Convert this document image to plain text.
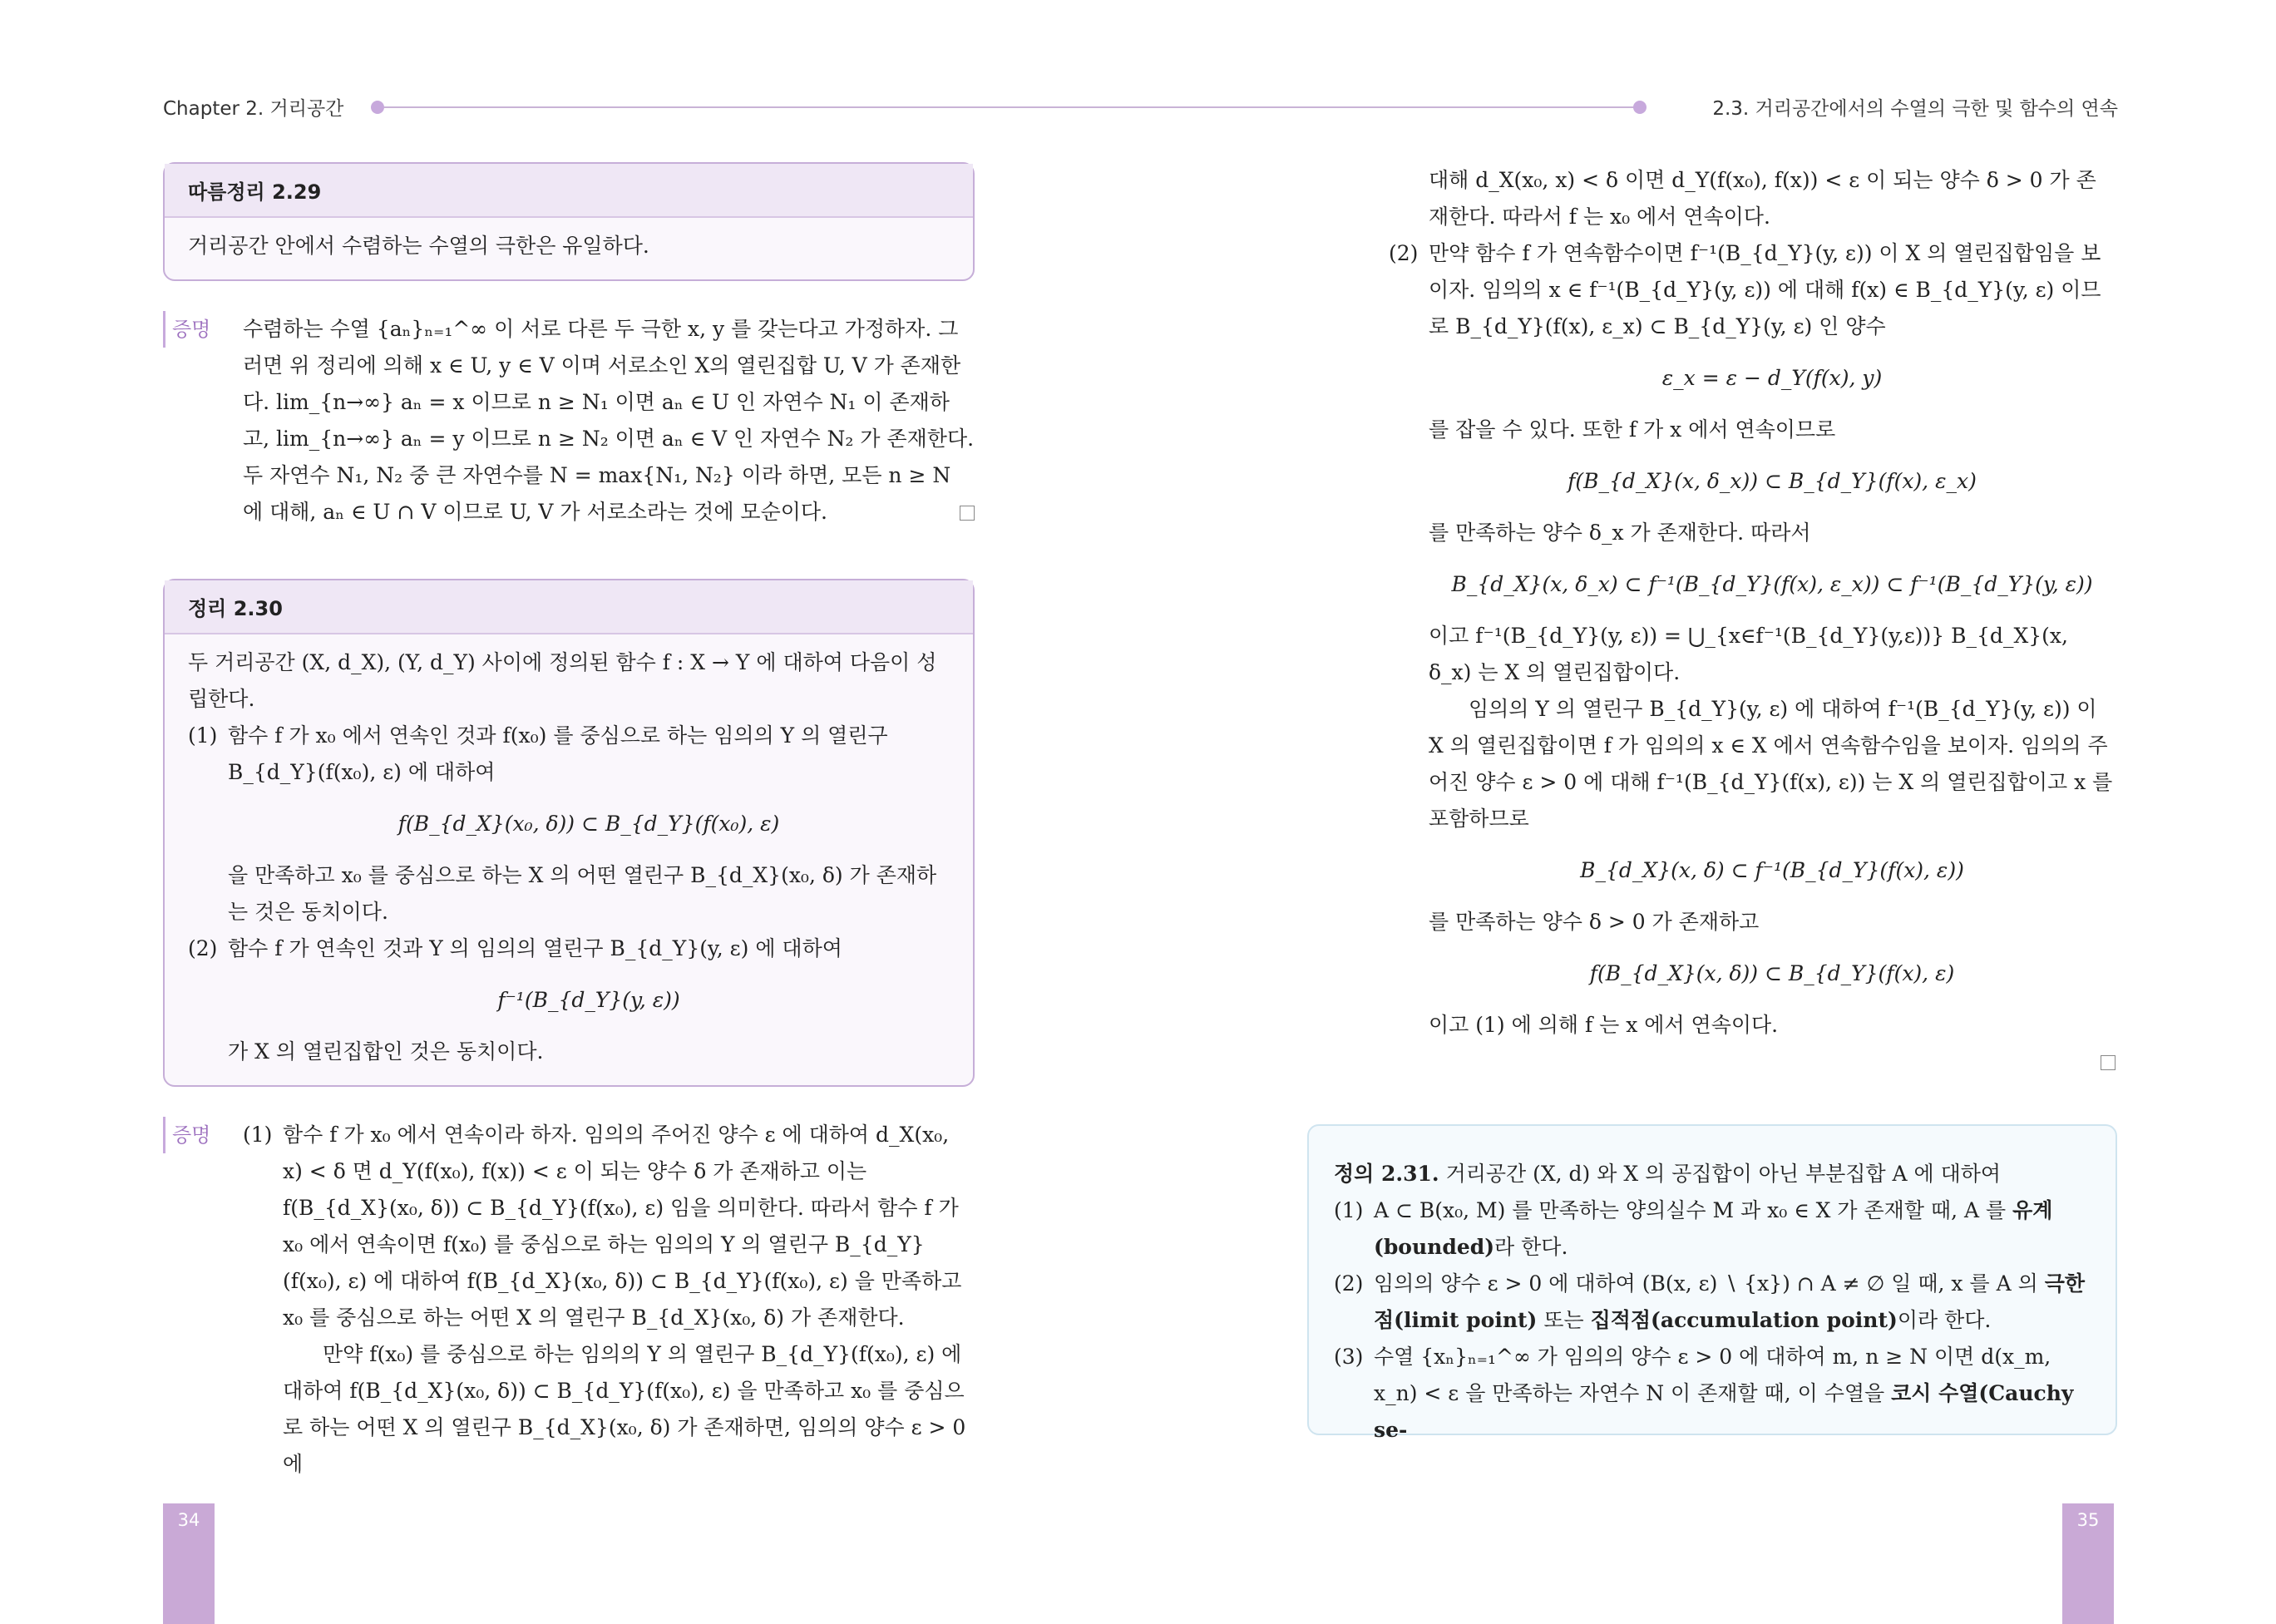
Chapter 2. 거리공간	2.3. 거리공간에서의 수열의 극한 및 함수의 연속
따름정리 2.29
거리공간 안에서 수렴하는 수열의 극한은 유일하다.
증명 수렴하는 수열 {aₙ}ₙ₌₁^∞ 이 서로 다른 두 극한 x, y 를 갖는다고 가정하자. 그러면 위 정리에 의해 x ∈ U, y ∈ V 이며 서로소인 X의 열린집합 U, V 가 존재한다. lim_{n→∞} aₙ = x 이므로 n ≥ N₁ 이면 aₙ ∈ U 인 자연수 N₁ 이 존재하고, lim_{n→∞} aₙ = y 이므로 n ≥ N₂ 이면 aₙ ∈ V 인 자연수 N₂ 가 존재한다. 두 자연수 N₁, N₂ 중 큰 자연수를 N = max{N₁, N₂} 이라 하면, 모든 n ≥ N 에 대해, aₙ ∈ U ∩ V 이므로 U, V 가 서로소라는 것에 모순이다.
정리 2.30
두 거리공간 (X, d_X), (Y, d_Y) 사이에 정의된 함수 f : X → Y 에 대하여 다음이 성립한다.
(1) 함수 f 가 x₀ 에서 연속인 것과 f(x₀) 를 중심으로 하는 임의의 Y 의 열린구 B_{d_Y}(f(x₀), ε) 에 대하여
f(B_{d_X}(x₀, δ)) ⊂ B_{d_Y}(f(x₀), ε)
을 만족하고 x₀ 를 중심으로 하는 X 의 어떤 열린구 B_{d_X}(x₀, δ) 가 존재하는 것은 동치이다.
(2) 함수 f 가 연속인 것과 Y 의 임의의 열린구 B_{d_Y}(y, ε) 에 대하여
f⁻¹(B_{d_Y}(y, ε))
가 X 의 열린집합인 것은 동치이다.
증명 (1) 함수 f 가 x₀ 에서 연속이라 하자. 임의의 주어진 양수 ε 에 대하여 d_X(x₀, x) < δ 면 d_Y(f(x₀), f(x)) < ε 이 되는 양수 δ 가 존재하고 이는 f(B_{d_X}(x₀, δ)) ⊂ B_{d_Y}(f(x₀), ε) 임을 의미한다. 따라서 함수 f 가 x₀ 에서 연속이면 f(x₀) 를 중심으로 하는 임의의 Y 의 열린구 B_{d_Y}(f(x₀), ε) 에 대하여 f(B_{d_X}(x₀, δ)) ⊂ B_{d_Y}(f(x₀), ε) 을 만족하고 x₀ 를 중심으로 하는 어떤 X 의 열린구 B_{d_X}(x₀, δ) 가 존재한다.
만약 f(x₀) 를 중심으로 하는 임의의 Y 의 열린구 B_{d_Y}(f(x₀), ε) 에 대하여 f(B_{d_X}(x₀, δ)) ⊂ B_{d_Y}(f(x₀), ε) 을 만족하고 x₀ 를 중심으로 하는 어떤 X 의 열린구 B_{d_X}(x₀, δ) 가 존재하면, 임의의 양수 ε > 0 에
대해 d_X(x₀, x) < δ 이면 d_Y(f(x₀), f(x)) < ε 이 되는 양수 δ > 0 가 존재한다. 따라서 f 는 x₀ 에서 연속이다.
(2) 만약 함수 f 가 연속함수이면 f⁻¹(B_{d_Y}(y, ε)) 이 X 의 열린집합임을 보이자. 임의의 x ∈ f⁻¹(B_{d_Y}(y, ε)) 에 대해 f(x) ∈ B_{d_Y}(y, ε) 이므로 B_{d_Y}(f(x), ε_x) ⊂ B_{d_Y}(y, ε) 인 양수
ε_x = ε − d_Y(f(x), y)
를 잡을 수 있다. 또한 f 가 x 에서 연속이므로
f(B_{d_X}(x, δ_x)) ⊂ B_{d_Y}(f(x), ε_x)
를 만족하는 양수 δ_x 가 존재한다. 따라서
B_{d_X}(x, δ_x) ⊂ f⁻¹(B_{d_Y}(f(x), ε_x)) ⊂ f⁻¹(B_{d_Y}(y, ε))
이고 f⁻¹(B_{d_Y}(y, ε)) = ⋃_{x∈f⁻¹(B_{d_Y}(y,ε))} B_{d_X}(x, δ_x) 는 X 의 열린집합이다.
임의의 Y 의 열린구 B_{d_Y}(y, ε) 에 대하여 f⁻¹(B_{d_Y}(y, ε)) 이 X 의 열린집합이면 f 가 임의의 x ∈ X 에서 연속함수임을 보이자. 임의의 주어진 양수 ε > 0 에 대해 f⁻¹(B_{d_Y}(f(x), ε)) 는 X 의 열린집합이고 x 를 포함하므로
B_{d_X}(x, δ) ⊂ f⁻¹(B_{d_Y}(f(x), ε))
를 만족하는 양수 δ > 0 가 존재하고
f(B_{d_X}(x, δ)) ⊂ B_{d_Y}(f(x), ε)
이고 (1) 에 의해 f 는 x 에서 연속이다.
정의 2.31. 거리공간 (X, d) 와 X 의 공집합이 아닌 부분집합 A 에 대하여
(1) A ⊂ B(x₀, M) 를 만족하는 양의실수 M 과 x₀ ∈ X 가 존재할 때, A 를 유계(bounded)라 한다.
(2) 임의의 양수 ε > 0 에 대하여 (B(x, ε) ∖ {x}) ∩ A ≠ ∅ 일 때, x 를 A 의 극한점(limit point) 또는 집적점(accumulation point)이라 한다.
(3) 수열 {xₙ}ₙ₌₁^∞ 가 임의의 양수 ε > 0 에 대하여 m, n ≥ N 이면 d(x_m, x_n) < ε 을 만족하는 자연수 N 이 존재할 때, 이 수열을 코시 수열(Cauchy se-
34	35
